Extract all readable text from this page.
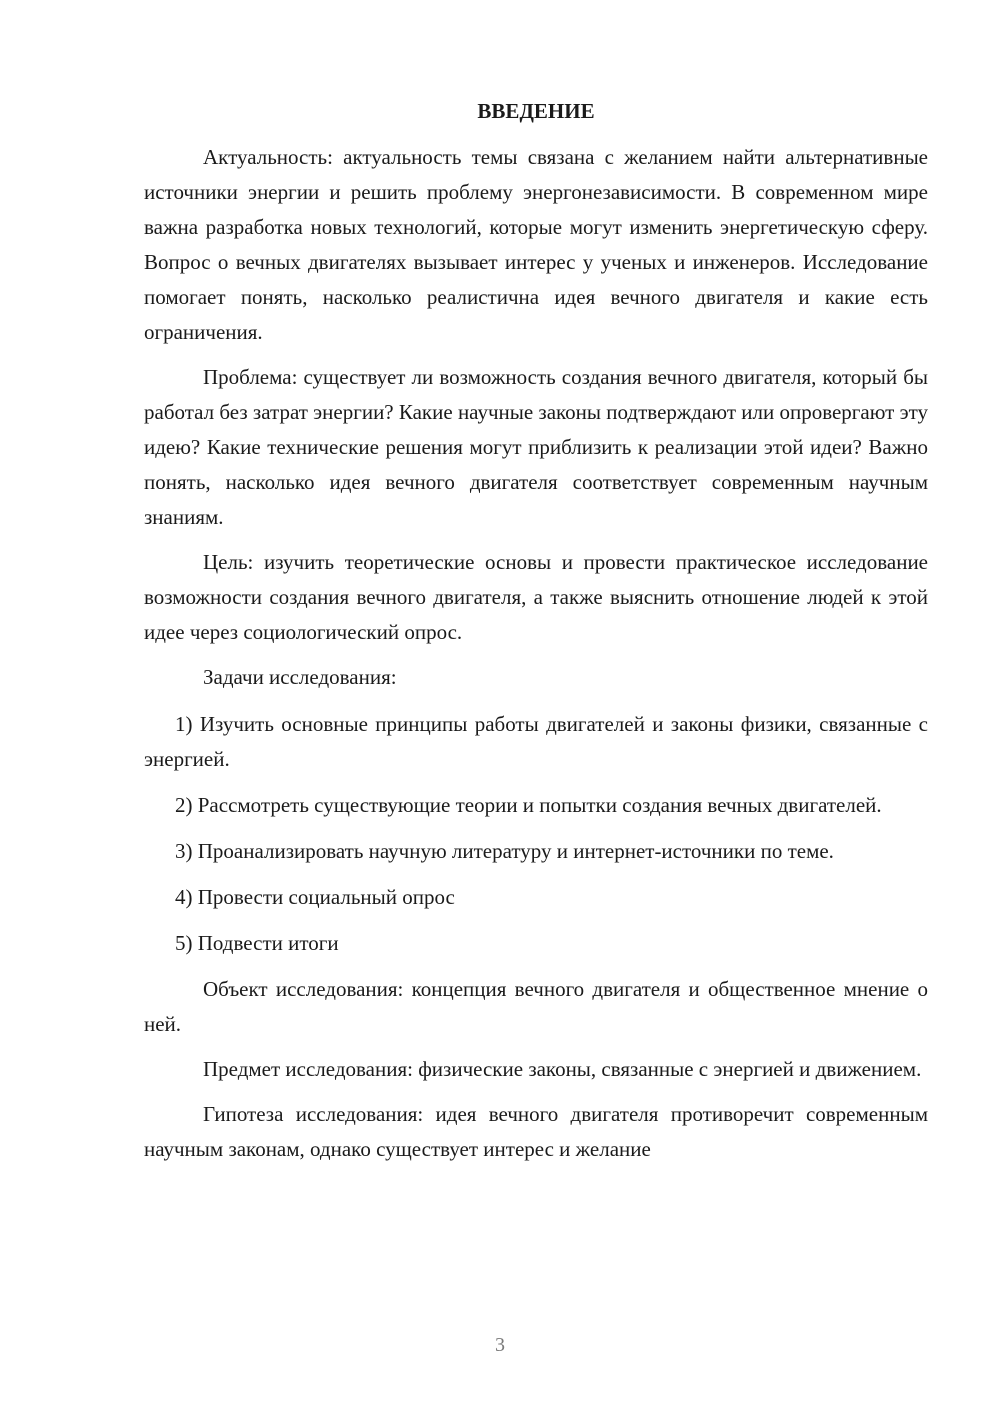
ВВЕДЕНИЕ

Актуальность: актуальность темы связана с желанием найти альтернативные источники энергии и решить проблему энергонезависимости. В современном мире важна разработка новых технологий, которые могут изменить энергетическую сферу. Вопрос о вечных двигателях вызывает интерес у ученых и инженеров. Исследование помогает понять, насколько реалистична идея вечного двигателя и какие есть ограничения.

Проблема: существует ли возможность создания вечного двигателя, который бы работал без затрат энергии? Какие научные законы подтверждают или опровергают эту идею? Какие технические решения могут приблизить к реализации этой идеи? Важно понять, насколько идея вечного двигателя соответствует современным научным знаниям.

Цель: изучить теоретические основы и провести практическое исследование возможности создания вечного двигателя, а также выяснить отношение людей к этой идее через социологический опрос.

Задачи исследования:

1) Изучить основные принципы работы двигателей и законы физики, связанные с энергией.

2) Рассмотреть существующие теории и попытки создания вечных двигателей.

3) Проанализировать научную литературу и интернет-источники по теме.

4) Провести социальный опрос

5) Подвести итоги

Объект исследования: концепция вечного двигателя и общественное мнение о ней.

Предмет исследования: физические законы, связанные с энергией и движением.

Гипотеза исследования: идея вечного двигателя противоречит современным научным законам, однако существует интерес и желание

3
